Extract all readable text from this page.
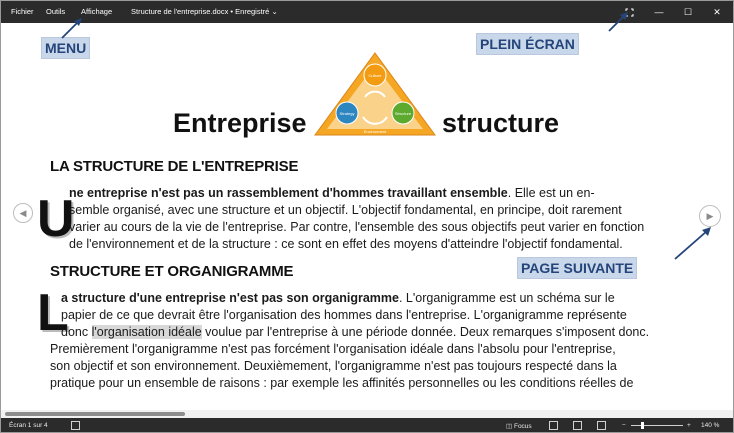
Fichier Outils Affichage	Structure de l'entreprise.docx • Enregistré ⌄	—	☐	✕
Entreprise
Culture
Strategy	Structure
Environment structure
LA STRUCTURE DE L'ENTREPRISE
U
ne entreprise n'est pas un rassemblement d'hommes travaillant ensemble. Elle est un en-
semble organisé, avec une structure et un objectif. L'objectif fondamental, en principe, doit rarement
varier au cours de la vie de l'entreprise. Par contre, l'ensemble des sous objectifs peut varier en fonction
de l'environnement et de la structure : ce sont en effet des moyens d'atteindre l'objectif fondamental.
STRUCTURE ET ORGANIGRAMME
L
a structure d'une entreprise n'est pas son organigramme. L'organigramme est un schéma sur le
papier de ce que devrait être l'organisation des hommes dans l'entreprise. L'organigramme représente
donc l'organisation idéale voulue par l'entreprise à une période donnée. Deux remarques s'imposent donc.
Premièrement l'organigramme n'est pas forcément l'organisation idéale dans l'absolu pour l'entreprise,
son objectif et son environnement. Deuxièmement, l'organigramme n'est pas toujours respecté dans la
pratique pour un ensemble de raisons : par exemple les affinités personnelles ou les conditions réelles de
◀	▶
MENU	PLEIN ÉCRAN
PAGE SUIVANTE
Écran 1 sur 4	◫ Focus	−	+ 140 %
